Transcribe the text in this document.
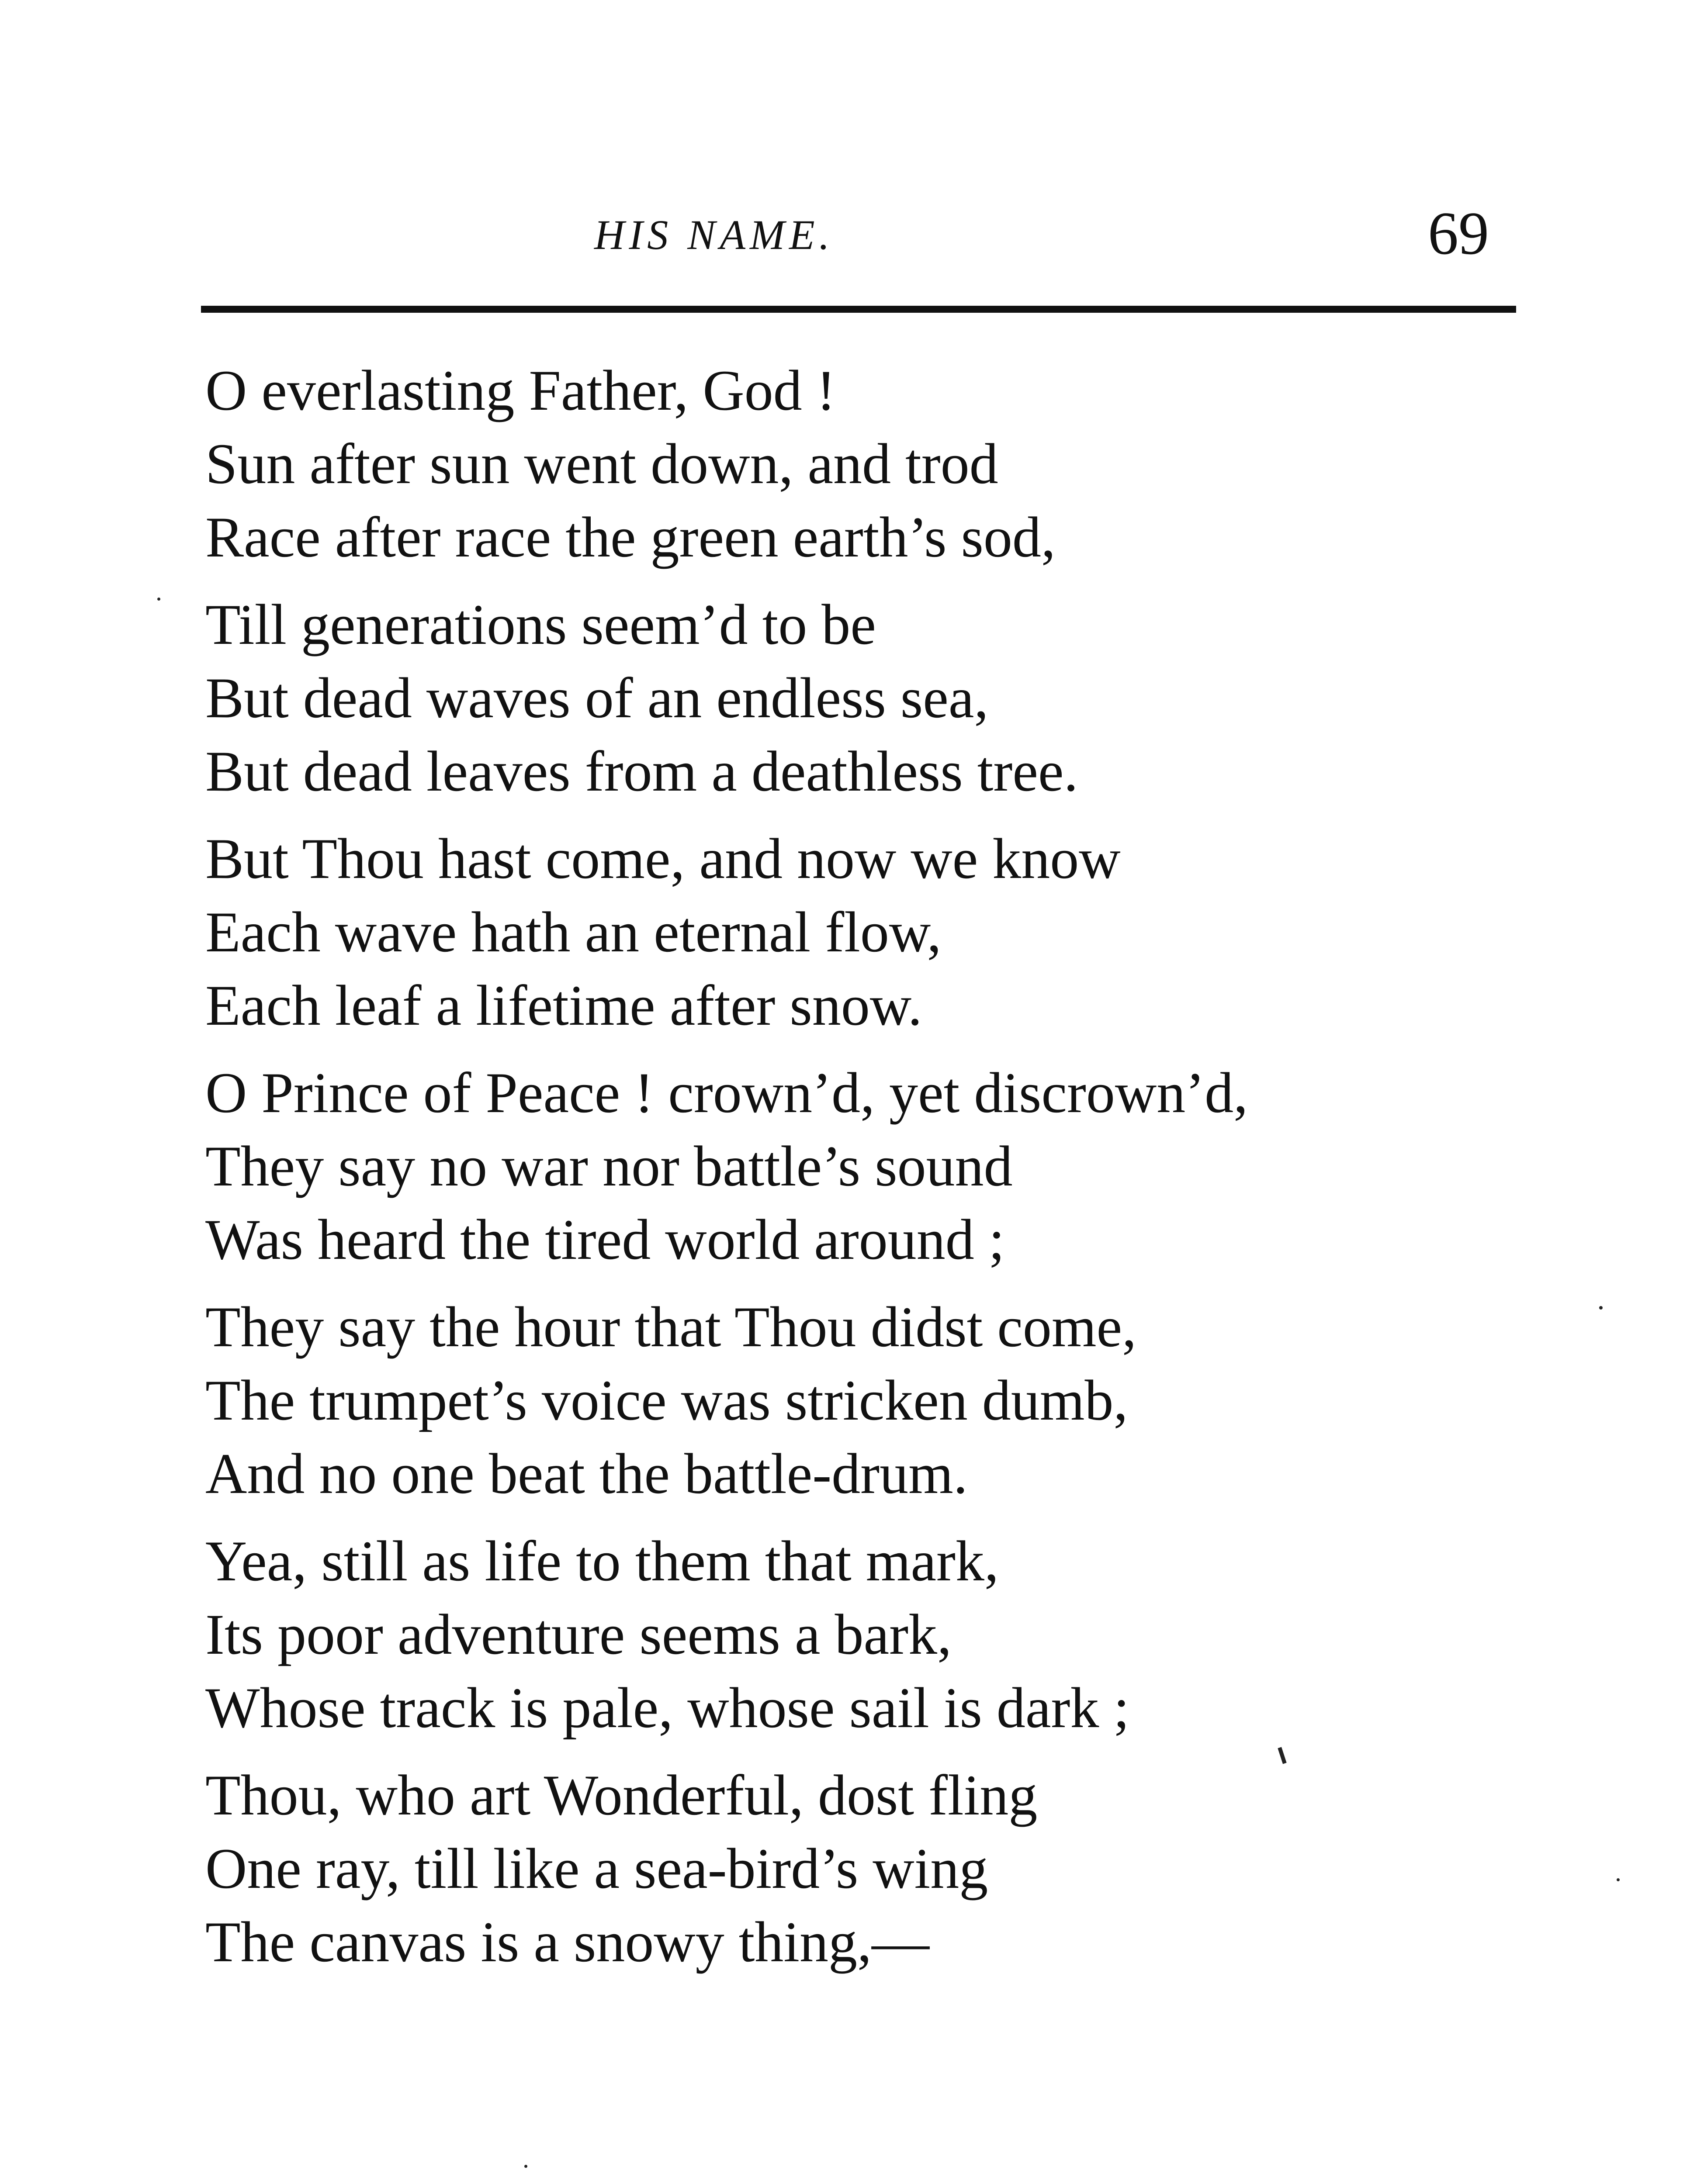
HIS NAME.	69

O everlasting Father, God !
Sun after sun went down, and trod
Race after race the green earth’s sod,

Till generations seem’d to be
But dead waves of an endless sea,
But dead leaves from a deathless tree.

But Thou hast come, and now we know
Each wave hath an eternal flow,
Each leaf a lifetime after snow.

O Prince of Peace ! crown’d, yet discrown’d,
They say no war nor battle’s sound
Was heard the tired world around ;

They say the hour that Thou didst come,
The trumpet’s voice was stricken dumb,
And no one beat the battle-drum.

Yea, still as life to them that mark,
Its poor adventure seems a bark,
Whose track is pale, whose sail is dark ;

Thou, who art Wonderful, dost fling
One ray, till like a sea-bird’s wing
The canvas is a snowy thing,—
